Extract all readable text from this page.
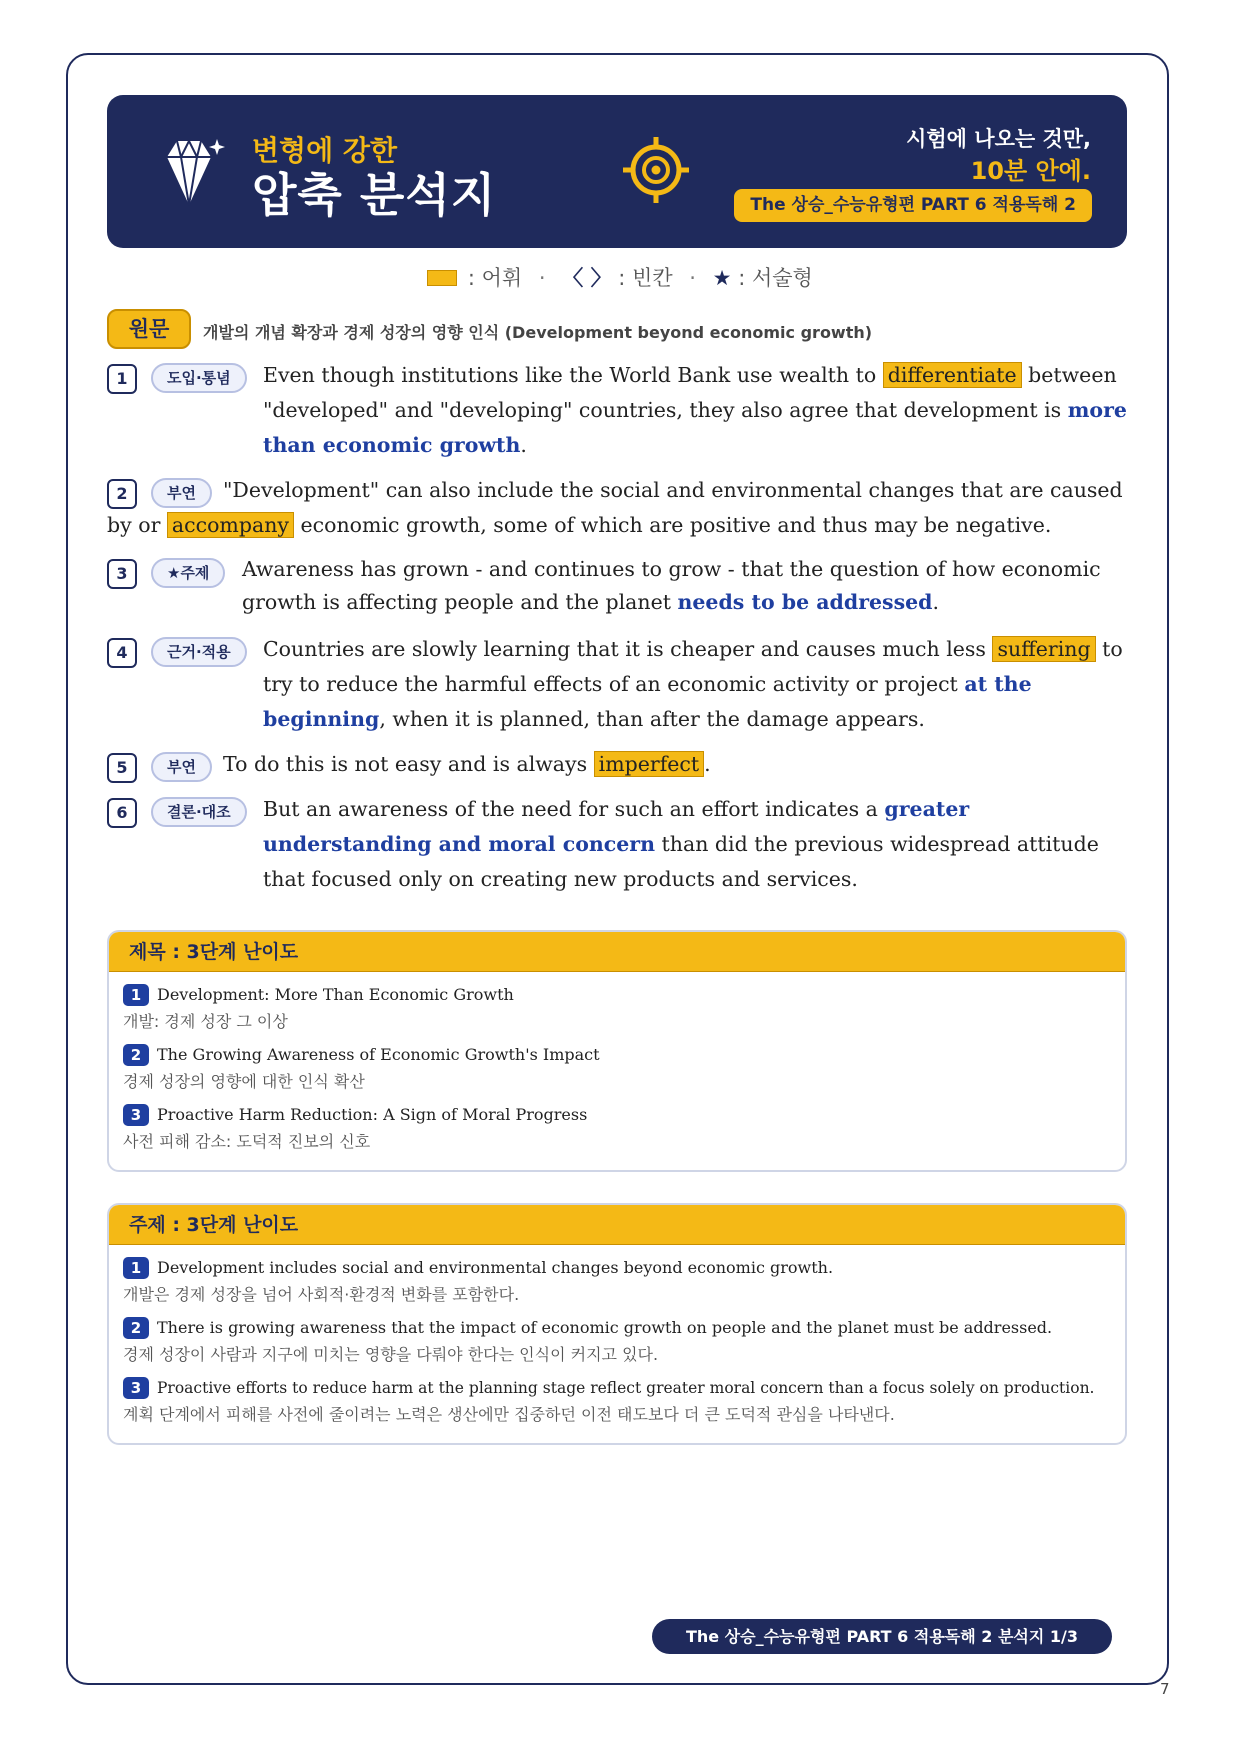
변형에 강한
압축 분석지
시험에 나오는 것만,
10분 안에.
The 상승_수능유형편 PART 6 적용독해 2
: 어휘 · 〈 〉 : 빈칸 · ★ : 서술형
원문	개발의 개념 확장과 경제 성장의 영향 인식 (Development beyond economic growth)
1	도입·통념	Even though institutions like the World Bank use wealth to differentiate between "developed" and "developing" countries, they also agree that development is more than economic growth.
2	부연	"Development" can also include the social and environmental changes that are caused by or accompany economic growth, some of which are positive and thus may be negative.
3	★주제	Awareness has grown - and continues to grow - that the question of how economic growth is affecting people and the planet needs to be addressed.
4	근거·적용	Countries are slowly learning that it is cheaper and causes much less suffering to try to reduce the harmful effects of an economic activity or project at the beginning, when it is planned, than after the damage appears.
5	부연	To do this is not easy and is always imperfect .
6	결론·대조	But an awareness of the need for such an effort indicates a greater understanding and moral concern than did the previous widespread attitude that focused only on creating new products and services.
제목 : 3단계 난이도
1 Development: More Than Economic Growth
개발: 경제 성장 그 이상
2 The Growing Awareness of Economic Growth's Impact
경제 성장의 영향에 대한 인식 확산
3 Proactive Harm Reduction: A Sign of Moral Progress
사전 피해 감소: 도덕적 진보의 신호
주제 : 3단계 난이도
1 Development includes social and environmental changes beyond economic growth.
개발은 경제 성장을 넘어 사회적·환경적 변화를 포함한다.
2 There is growing awareness that the impact of economic growth on people and the planet must be addressed.
경제 성장이 사람과 지구에 미치는 영향을 다뤄야 한다는 인식이 커지고 있다.
3 Proactive efforts to reduce harm at the planning stage reflect greater moral concern than a focus solely on production.
계획 단계에서 피해를 사전에 줄이려는 노력은 생산에만 집중하던 이전 태도보다 더 큰 도덕적 관심을 나타낸다.
The 상승_수능유형편 PART 6 적용독해 2 분석지 1/3
7
